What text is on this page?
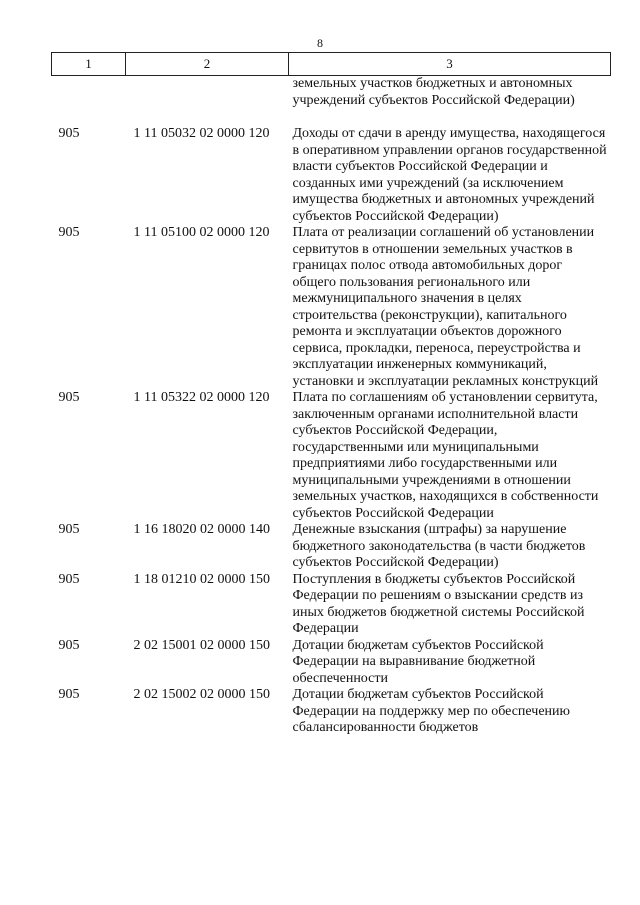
8
1	2	3
		земельных участков бюджетных и автономных учреждений субъектов Российской Федерации)
905	1 11 05032 02 0000 120	Доходы от сдачи в аренду имущества, находящегося в оперативном управлении органов государственной власти субъектов Российской Федерации и созданных ими учреждений (за исключением имущества бюджетных и автономных учреждений субъектов Российской Федерации)
905	1 11 05100 02 0000 120	Плата от реализации соглашений об установлении сервитутов в отношении земельных участков в границах полос отвода автомобильных дорог общего пользования регионального или межмуниципального значения в целях строительства (реконструкции), капитального ремонта и эксплуатации объектов дорожного сервиса, прокладки, переноса, переустройства и эксплуатации инженерных коммуникаций, установки и эксплуатации рекламных конструкций
905	1 11 05322 02 0000 120	Плата по соглашениям об установлении сервитута, заключенным органами исполнительной власти субъектов Российской Федерации, государственными или муниципальными предприятиями либо государственными или муниципальными учреждениями в отношении земельных участков, находящихся в собственности субъектов Российской Федерации
905	1 16 18020 02 0000 140	Денежные взыскания (штрафы) за нарушение бюджетного законодательства (в части бюджетов субъектов Российской Федерации)
905	1 18 01210 02 0000 150	Поступления в бюджеты субъектов Российской Федерации по решениям о взыскании средств из иных бюджетов бюджетной системы Российской Федерации
905	2 02 15001 02 0000 150	Дотации бюджетам субъектов Российской Федерации на выравнивание бюджетной обеспеченности
905	2 02 15002 02 0000 150	Дотации бюджетам субъектов Российской Федерации на поддержку мер по обеспечению сбалансированности бюджетов
